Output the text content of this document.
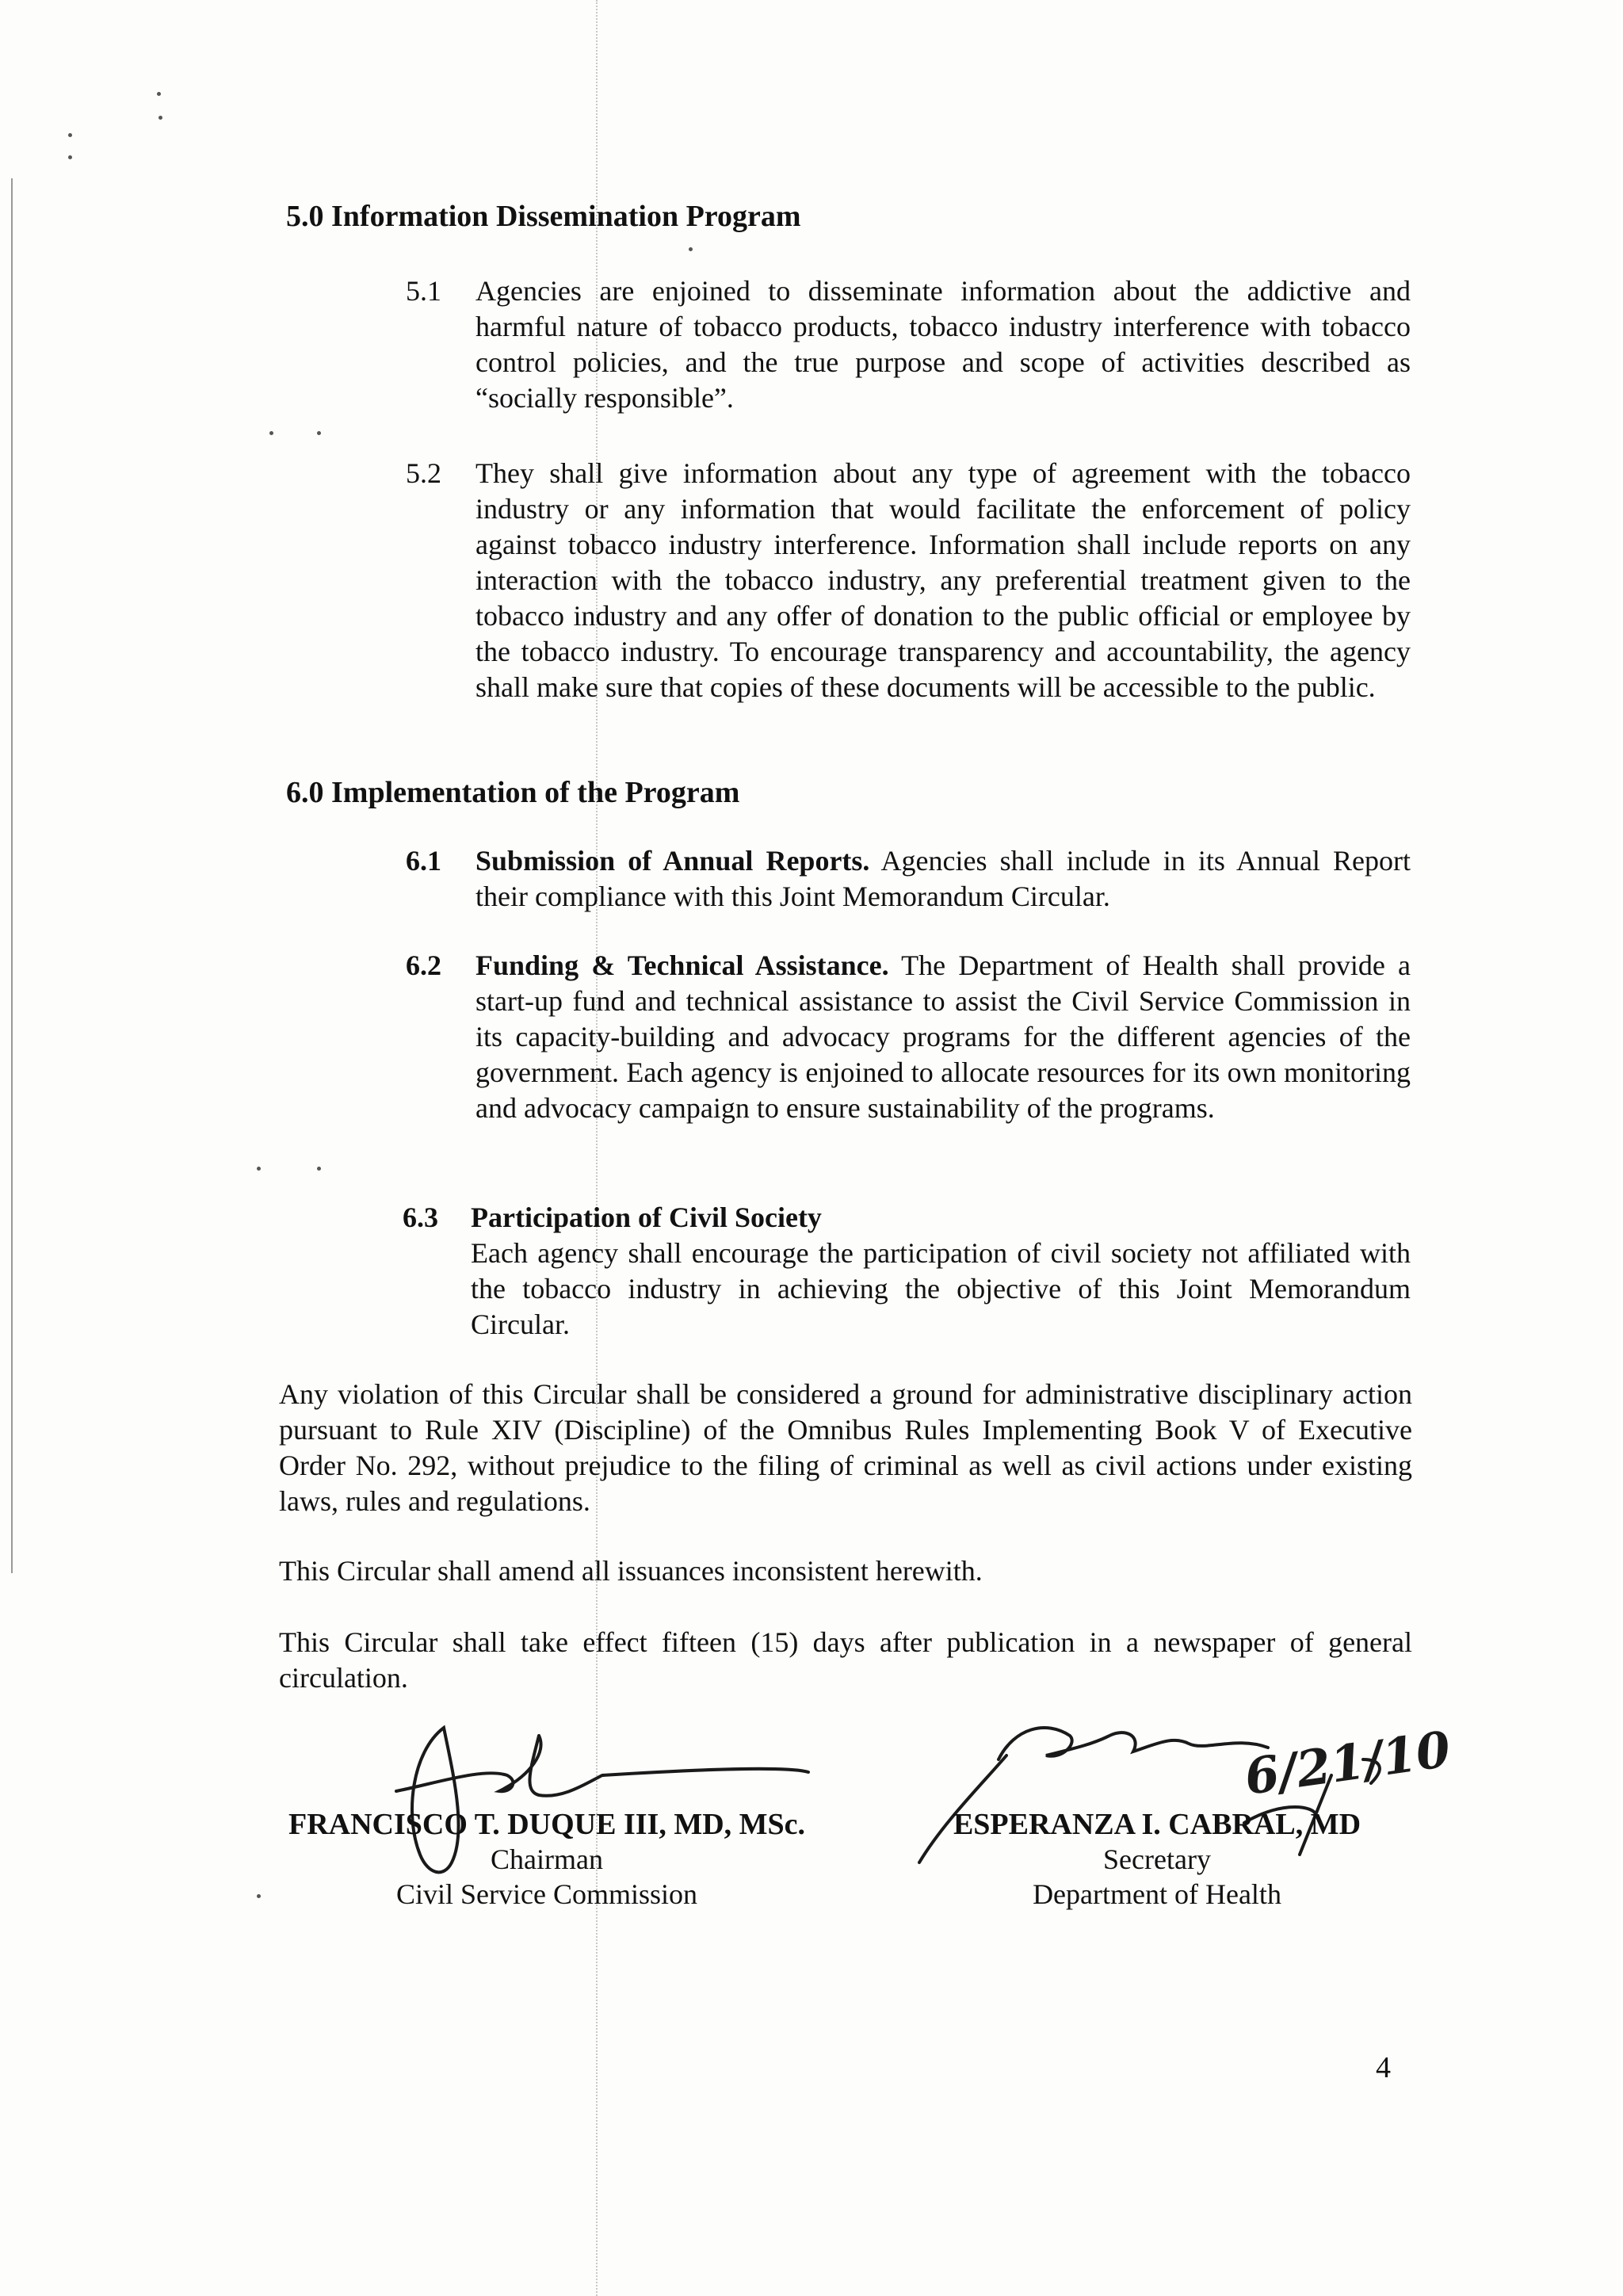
5.0 Information Dissemination Program
5.1 Agencies are enjoined to disseminate information about the addictive and harmful nature of tobacco products, tobacco industry interference with tobacco control policies, and the true purpose and scope of activities described as “socially responsible”.
5.2 They shall give information about any type of agreement with the tobacco industry or any information that would facilitate the enforcement of policy against tobacco industry interference. Information shall include reports on any interaction with the tobacco industry, any preferential treatment given to the tobacco industry and any offer of donation to the public official or employee by the tobacco industry. To encourage transparency and accountability, the agency shall make sure that copies of these documents will be accessible to the public.
6.0 Implementation of the Program
6.1 Submission of Annual Reports. Agencies shall include in its Annual Report their compliance with this Joint Memorandum Circular.
6.2 Funding & Technical Assistance. The Department of Health shall provide a start-up fund and technical assistance to assist the Civil Service Commission in its capacity-building and advocacy programs for the different agencies of the government. Each agency is enjoined to allocate resources for its own monitoring and advocacy campaign to ensure sustainability of the programs.
6.3 Participation of Civil Society
Each agency shall encourage the participation of civil society not affiliated with the tobacco industry in achieving the objective of this Joint Memorandum Circular.
Any violation of this Circular shall be considered a ground for administrative disciplinary action pursuant to Rule XIV (Discipline) of the Omnibus Rules Implementing Book V of Executive Order No. 292, without prejudice to the filing of criminal as well as civil actions under existing laws, rules and regulations.
This Circular shall amend all issuances inconsistent herewith.
This Circular shall take effect fifteen (15) days after publication in a newspaper of general circulation.
FRANCISCO T. DUQUE III, MD, MSc.
Chairman
Civil Service Commission
ESPERANZA I. CABRAL, MD
Secretary
Department of Health
6/21/10
4
